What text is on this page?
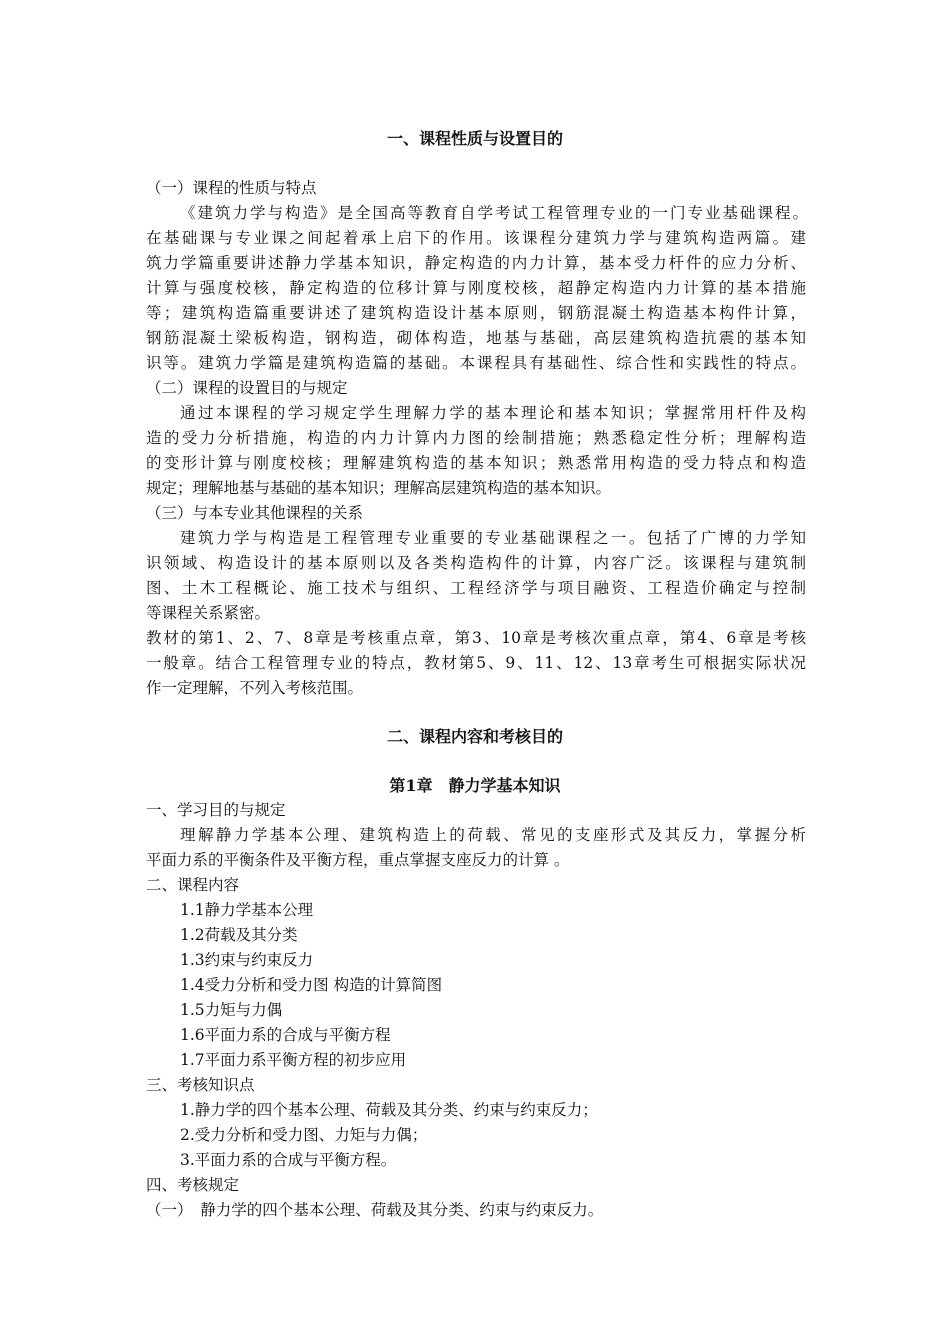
一、课程性质与设置目的
（一）课程的性质与特点
《建筑力学与构造》是全国高等教育自学考试工程管理专业的一门专业基础课程。
在基础课与专业课之间起着承上启下的作用。该课程分建筑力学与建筑构造两篇。建
筑力学篇重要讲述静力学基本知识，静定构造的内力计算，基本受力杆件的应力分析、
计算与强度校核，静定构造的位移计算与刚度校核，超静定构造内力计算的基本措施
等；建筑构造篇重要讲述了建筑构造设计基本原则，钢筋混凝土构造基本构件计算，
钢筋混凝土梁板构造，钢构造，砌体构造，地基与基础，高层建筑构造抗震的基本知
识等。建筑力学篇是建筑构造篇的基础。本课程具有基础性、综合性和实践性的特点。
（二）课程的设置目的与规定
通过本课程的学习规定学生理解力学的基本理论和基本知识；掌握常用杆件及构
造的受力分析措施，构造的内力计算内力图的绘制措施；熟悉稳定性分析；理解构造
的变形计算与刚度校核；理解建筑构造的基本知识；熟悉常用构造的受力特点和构造
规定；理解地基与基础的基本知识；理解高层建筑构造的基本知识。
（三）与本专业其他课程的关系
建筑力学与构造是工程管理专业重要的专业基础课程之一。包括了广博的力学知
识领域、构造设计的基本原则以及各类构造构件的计算，内容广泛。该课程与建筑制
图、土木工程概论、施工技术与组织、工程经济学与项目融资、工程造价确定与控制
等课程关系紧密。
教材的第1、2、7、8章是考核重点章，第3、10章是考核次重点章，第4、6章是考核
一般章。结合工程管理专业的特点，教材第5、9、11、12、13章考生可根据实际状况
作一定理解，不列入考核范围。
二、课程内容和考核目的
第1章　静力学基本知识
一、学习目的与规定
理解静力学基本公理、建筑构造上的荷载、常见的支座形式及其反力，掌握分析
平面力系的平衡条件及平衡方程，重点掌握支座反力的计算 。
二、课程内容
1.1静力学基本公理
1.2荷载及其分类
1.3约束与约束反力
1.4受力分析和受力图 构造的计算简图
1.5力矩与力偶
1.6平面力系的合成与平衡方程
1.7平面力系平衡方程的初步应用
三、考核知识点
1.静力学的四个基本公理、荷载及其分类、约束与约束反力；
2.受力分析和受力图、力矩与力偶；
3.平面力系的合成与平衡方程。
四、考核规定
（一）　静力学的四个基本公理、荷载及其分类、约束与约束反力。
